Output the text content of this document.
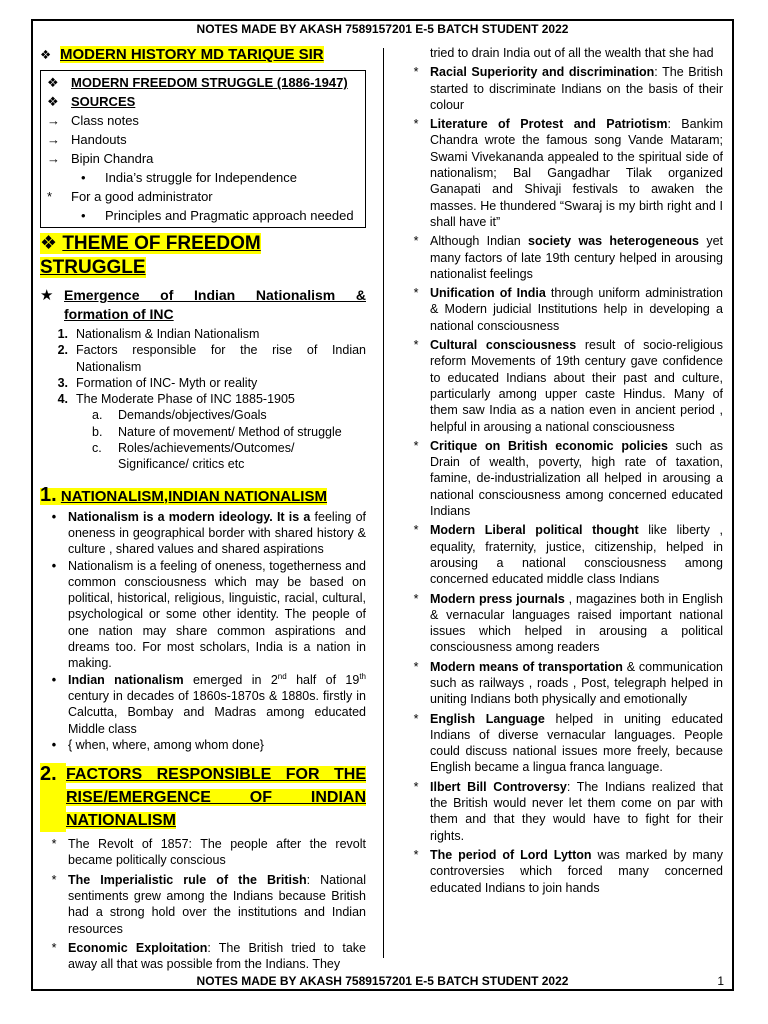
NOTES MADE BY AKASH 7589157201 E-5 BATCH STUDENT 2022
❖ MODERN HISTORY MD TARIQUE SIR
❖ MODERN FREEDOM STRUGGLE (1886-1947)
❖ SOURCES
→ Class notes
→ Handouts
→ Bipin Chandra
•	India’s struggle for Independence
*	For a good administrator
•	Principles and Pragmatic approach needed
❖ THEME OF FREEDOM STRUGGLE
★ Emergence of Indian Nationalism & formation of INC
1. Nationalism & Indian Nationalism
2. Factors responsible for the rise of Indian Nationalism
3. Formation of INC- Myth or reality
4. The Moderate Phase of INC 1885-1905
a.	Demands/objectives/Goals
b.	Nature of movement/ Method of struggle
c.	Roles/achievements/Outcomes/ Significance/ critics etc
1. NATIONALISM,INDIAN NATIONALISM
• Nationalism is a modern ideology. It is a feeling of oneness in geographical border with shared history & culture , shared values and shared aspirations
• Nationalism is a feeling of oneness, togetherness and common consciousness which may be based on political, historical, religious, linguistic, racial, cultural, psychological or some other identity. The people of one nation may share common aspirations and dreams too. For most scholars, India is a nation in making.
• Indian nationalism emerged in 2nd half of 19th century in decades of 1860s-1870s & 1880s. firstly in Calcutta, Bombay and Madras among educated Middle class
• { when, where, among whom done}
2. FACTORS RESPONSIBLE FOR THE RISE/EMERGENCE OF INDIAN NATIONALISM
* The Revolt of 1857: The people after the revolt became politically conscious
* The Imperialistic rule of the British: National sentiments grew among the Indians because British had a strong hold over the institutions and Indian resources
* Economic Exploitation: The British tried to take away all that was possible from the Indians. They
tried to drain India out of all the wealth that she had
* Racial Superiority and discrimination: The British started to discriminate Indians on the basis of their colour
* Literature of Protest and Patriotism: Bankim Chandra wrote the famous song Vande Mataram; Swami Vivekananda appealed to the spiritual side of nationalism; Bal Gangadhar Tilak organized Ganapati and Shivaji festivals to awaken the masses. He thundered “Swaraj is my birth right and I shall have it”
* Although Indian society was heterogeneous yet many factors of late 19th century helped in arousing nationalist feelings
* Unification of India through uniform administration & Modern judicial Institutions help in developing a national consciousness
* Cultural consciousness result of socio-religious reform Movements of 19th century gave confidence to educated Indians about their past and culture, particularly among upper caste Hindus. Many of them saw India as a nation even in ancient period , helpful in arousing a national consciousness
* Critique on British economic policies such as Drain of wealth, poverty, high rate of taxation, famine, de-industrialization all helped in arousing a national consciousness among concerned educated Indians
* Modern Liberal political thought like liberty , equality, fraternity, justice, citizenship, helped in arousing a national consciousness among concerned educated middle class Indians
* Modern press journals , magazines both in English & vernacular languages raised important national issues which helped in arousing a political consciousness among readers
* Modern means of transportation & communication such as railways , roads , Post, telegraph helped in uniting Indians both physically and emotionally
* English Language helped in uniting educated Indians of diverse vernacular languages. People could discuss national issues more freely, because English became a lingua franca language.
* Ilbert Bill Controversy: The Indians realized that the British would never let them come on par with them and that they would have to fight for their rights.
* The period of Lord Lytton was marked by many controversies which forced many concerned educated Indians to join hands
NOTES MADE BY AKASH 7589157201 E-5 BATCH STUDENT 2022	1
